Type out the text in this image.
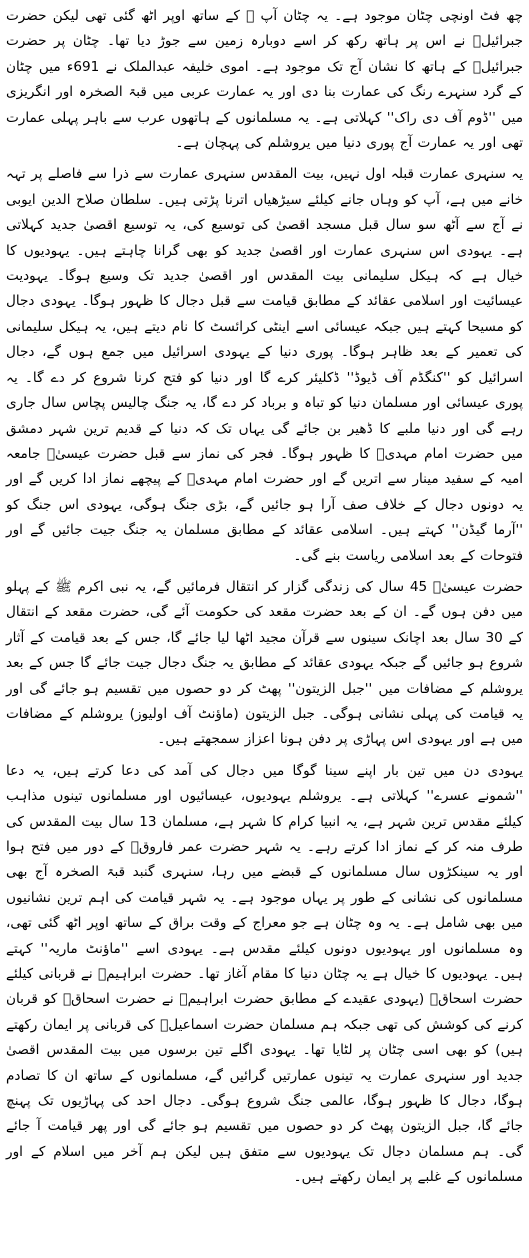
چھ فٹ اونچی چٹان موجود ہے۔ یہ چٹان آپ ﷺ کے ساتھ اوپر اٹھ گئی تھی لیکن حضرت جبرائیلؑ نے اس پر ہاتھ رکھ کر اسے دوبارہ زمین سے جوڑ دیا تھا۔ چٹان پر حضرت جبرائیلؑ کے ہاتھ کا نشان آج تک موجود ہے۔ اموی خلیفہ عبدالملک نے 691ء میں چٹان کے گرد سنہرے رنگ کی عمارت بنا دی اور یہ عمارت عربی میں قبۃ الصخرہ اور انگریزی میں ''ڈوم آف دی راک'' کہلاتی ہے۔ یہ مسلمانوں کے ہاتھوں عرب سے باہر پہلی عمارت تھی اور یہ عمارت آج پوری دنیا میں یروشلم کی پہچان ہے۔

یہ سنہری عمارت قبلہ اول نہیں، بیت المقدس سنہری عمارت سے ذرا سے فاصلے پر تہہ خانے میں ہے، آپ کو وہاں جانے کیلئے سیڑھیاں اترنا پڑتی ہیں۔ سلطان صلاح الدین ایوبی نے آج سے آٹھ سو سال قبل مسجد اقصیٰ کی توسیع کی، یہ توسیع اقصیٰ جدید کہلاتی ہے۔ یہودی اس سنہری عمارت اور اقصیٰ جدید کو بھی گرانا چاہتے ہیں۔ یہودیوں کا خیال ہے کہ ہیکل سلیمانی بیت المقدس اور اقصیٰ جدید تک وسیع ہوگا۔ یہودیت عیسائیت اور اسلامی عقائد کے مطابق قیامت سے قبل دجال کا ظہور ہوگا۔ یہودی دجال کو مسیحا کہتے ہیں جبکہ عیسائی اسے اینٹی کرائسٹ کا نام دیتے ہیں، یہ ہیکل سلیمانی کی تعمیر کے بعد ظاہر ہوگا۔ پوری دنیا کے یہودی اسرائیل میں جمع ہوں گے، دجال اسرائیل کو ''کنگڈم آف ڈیوڈ'' ڈکلیئر کرے گا اور دنیا کو فتح کرنا شروع کر دے گا۔ یہ پوری عیسائی اور مسلمان دنیا کو تباہ و برباد کر دے گا، یہ جنگ چالیس پچاس سال جاری رہے گی اور دنیا ملبے کا ڈھیر بن جائے گی یہاں تک کہ دنیا کے قدیم ترین شہر دمشق میں حضرت امام مہدیؑ کا ظہور ہوگا۔ فجر کی نماز سے قبل حضرت عیسیٰؑ جامعہ امیہ کے سفید مینار سے اتریں گے اور حضرت امام مہدیؑ کے پیچھے نماز ادا کریں گے اور یہ دونوں دجال کے خلاف صف آرا ہو جائیں گے، بڑی جنگ ہوگی، یہودی اس جنگ کو ''آرما گیڈن'' کہتے ہیں۔ اسلامی عقائد کے مطابق مسلمان یہ جنگ جیت جائیں گے اور فتوحات کے بعد اسلامی ریاست بنے گی۔

حضرت عیسیٰؑ 45 سال کی زندگی گزار کر انتقال فرمائیں گے، یہ نبی اکرم ﷺ کے پہلو میں دفن ہوں گے۔ ان کے بعد حضرت مقعد کی حکومت آئے گی، حضرت مقعد کے انتقال کے 30 سال بعد اچانک سینوں سے قرآن مجید اٹھا لیا جائے گا، جس کے بعد قیامت کے آثار شروع ہو جائیں گے جبکہ یہودی عقائد کے مطابق یہ جنگ دجال جیت جائے گا جس کے بعد یروشلم کے مضافات میں ''جبل الزیتون'' پھٹ کر دو حصوں میں تقسیم ہو جائے گی اور یہ قیامت کی پہلی نشانی ہوگی۔ جبل الزیتون (ماؤنٹ آف اولیوز) یروشلم کے مضافات میں ہے اور یہودی اس پہاڑی پر دفن ہونا اعزاز سمجھتے ہیں۔

یہودی دن میں تین بار اپنے سینا گوگا میں دجال کی آمد کی دعا کرتے ہیں، یہ دعا ''شمونے عسرے'' کہلاتی ہے۔ یروشلم یہودیوں، عیسائیوں اور مسلمانوں تینوں مذاہب کیلئے مقدس ترین شہر ہے، یہ انبیا کرام کا شہر ہے، مسلمان 13 سال بیت المقدس کی طرف منہ کر کے نماز ادا کرتے رہے۔ یہ شہر حضرت عمر فاروقؓ کے دور میں فتح ہوا اور یہ سینکڑوں سال مسلمانوں کے قبضے میں رہا، سنہری گنبد قبۃ الصخرہ آج بھی مسلمانوں کی نشانی کے طور پر یہاں موجود ہے۔ یہ شہر قیامت کی اہم ترین نشانیوں میں بھی شامل ہے۔ یہ وہ چٹان ہے جو معراج کے وقت براق کے ساتھ اوپر اٹھ گئی تھی، وہ مسلمانوں اور یہودیوں دونوں کیلئے مقدس ہے۔ یہودی اسے ''ماؤنٹ ماریہ'' کہتے ہیں۔ یہودیوں کا خیال ہے یہ چٹان دنیا کا مقام آغاز تھا۔ حضرت ابراہیمؑ نے قربانی کیلئے حضرت اسحاقؑ (یہودی عقیدے کے مطابق حضرت ابراہیمؑ نے حضرت اسحاقؑ کو قربان کرنے کی کوشش کی تھی جبکہ ہم مسلمان حضرت اسماعیلؑ کی قربانی پر ایمان رکھتے ہیں) کو بھی اسی چٹان پر لٹایا تھا۔ یہودی اگلے تین برسوں میں بیت المقدس اقصیٰ جدید اور سنہری عمارت یہ تینوں عمارتیں گرائیں گے، مسلمانوں کے ساتھ ان کا تصادم ہوگا، دجال کا ظہور ہوگا، عالمی جنگ شروع ہوگی۔ دجال احد کی پہاڑیوں تک پہنچ جائے گا، جبل الزیتون پھٹ کر دو حصوں میں تقسیم ہو جائے گی اور پھر قیامت آ جائے گی۔ ہم مسلمان دجال تک یہودیوں سے متفق ہیں لیکن ہم آخر میں اسلام کے اور مسلمانوں کے غلبے پر ایمان رکھتے ہیں۔
